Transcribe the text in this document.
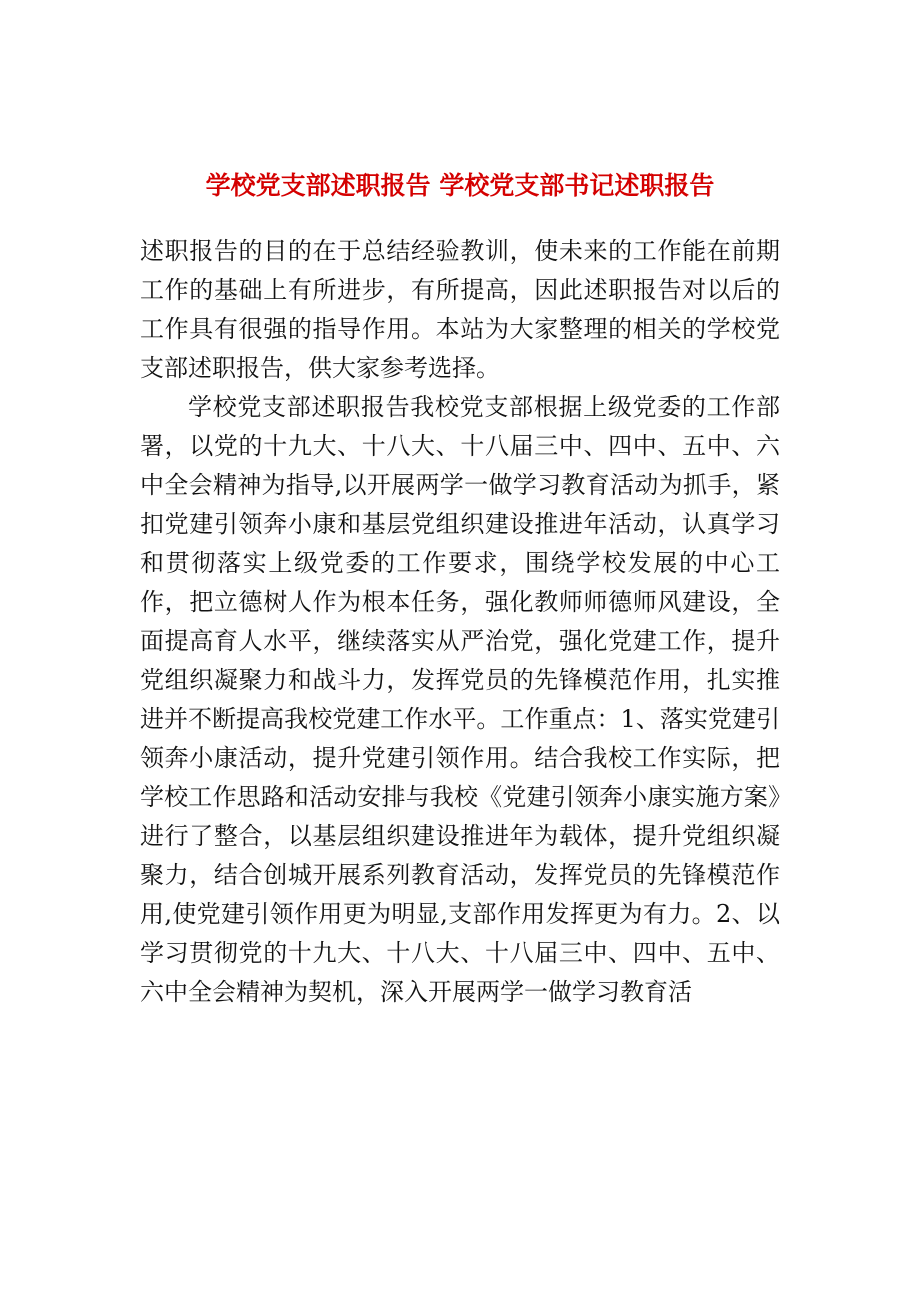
学校党支部述职报告 学校党支部书记述职报告

述职报告的目的在于总结经验教训，使未来的工作能在前期工作的基础上有所进步，有所提高，因此述职报告对以后的工作具有很强的指导作用。本站为大家整理的相关的学校党支部述职报告，供大家参考选择。

学校党支部述职报告我校党支部根据上级党委的工作部署，以党的十九大、十八大、十八届三中、四中、五中、六中全会精神为指导,以开展两学一做学习教育活动为抓手，紧扣党建引领奔小康和基层党组织建设推进年活动，认真学习和贯彻落实上级党委的工作要求，围绕学校发展的中心工作，把立德树人作为根本任务，强化教师师德师风建设，全面提高育人水平，继续落实从严治党，强化党建工作，提升党组织凝聚力和战斗力，发挥党员的先锋模范作用，扎实推进并不断提高我校党建工作水平。工作重点：1、落实党建引领奔小康活动，提升党建引领作用。结合我校工作实际，把学校工作思路和活动安排与我校《党建引领奔小康实施方案》进行了整合，以基层组织建设推进年为载体，提升党组织凝聚力，结合创城开展系列教育活动，发挥党员的先锋模范作用,使党建引领作用更为明显,支部作用发挥更为有力。2、以学习贯彻党的十九大、十八大、十八届三中、四中、五中、六中全会精神为契机，深入开展两学一做学习教育活
